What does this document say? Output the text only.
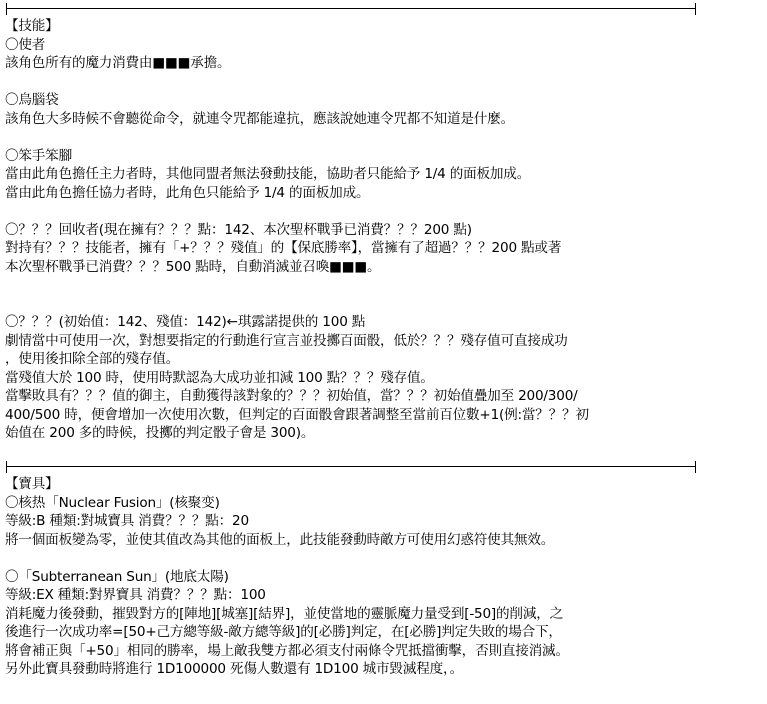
【技能】
〇使者
該角色所有的魔力消費由■■■承擔。
〇烏腦袋
該角色大多時候不會聽從命令，就連令咒都能違抗，應該說她連令咒都不知道是什麼。
〇笨手笨腳
當由此角色擔任主力者時，其他同盟者無法發動技能，協助者只能給予 1/4 的面板加成。
當由此角色擔任協力者時，此角色只能給予 1/4 的面板加成。
〇？？？回收者(現在擁有？？？點：142、本次聖杯戰爭已消費？？？200 點)
對持有？？？技能者，擁有「+？？？殘值」的【保底勝率】，當擁有了超過？？？200 點或著
本次聖杯戰爭已消費？？？500 點時，自動消滅並召喚■■■。
〇？？？(初始值：142、殘值：142)←琪露諾提供的 100 點
劇情當中可使用一次，對想要指定的行動進行宣言並投擲百面骰，低於？？？殘存值可直接成功
，使用後扣除全部的殘存值。
當殘值大於 100 時，使用時默認為大成功並扣減 100 點？？？殘存值。
當擊敗具有？？？值的御主，自動獲得該對象的？？？初始值，當？？？初始值疊加至 200/300/
400/500 時，便會增加一次使用次數，但判定的百面骰會跟著調整至當前百位數+1(例:當？？？初
始值在 200 多的時候，投擲的判定骰子會是 300)。
【寶具】
〇核热「Nuclear Fusion」(核聚变)
等級:B 種類:對城寶具 消費？？？點：20
將一個面板變為零，並使其值改為其他的面板上，此技能發動時敵方可使用幻惑符使其無效。
〇「Subterranean Sun」(地底太陽)
等級:EX 種類:對界寶具 消費？？？點：100
消耗魔力後發動，摧毀對方的[陣地][城塞][結界]，並使當地的靈脈魔力量受到[-50]的削減，之
後進行一次成功率=[50+己方總等級-敵方總等級]的[必勝]判定，在[必勝]判定失敗的場合下，
將會補正與「+50」相同的勝率，場上敵我雙方都必須支付兩條令咒抵擋衝擊，否則直接消滅。
另外此寶具發動時將進行 1D100000 死傷人數還有 1D100 城市毀滅程度，。
